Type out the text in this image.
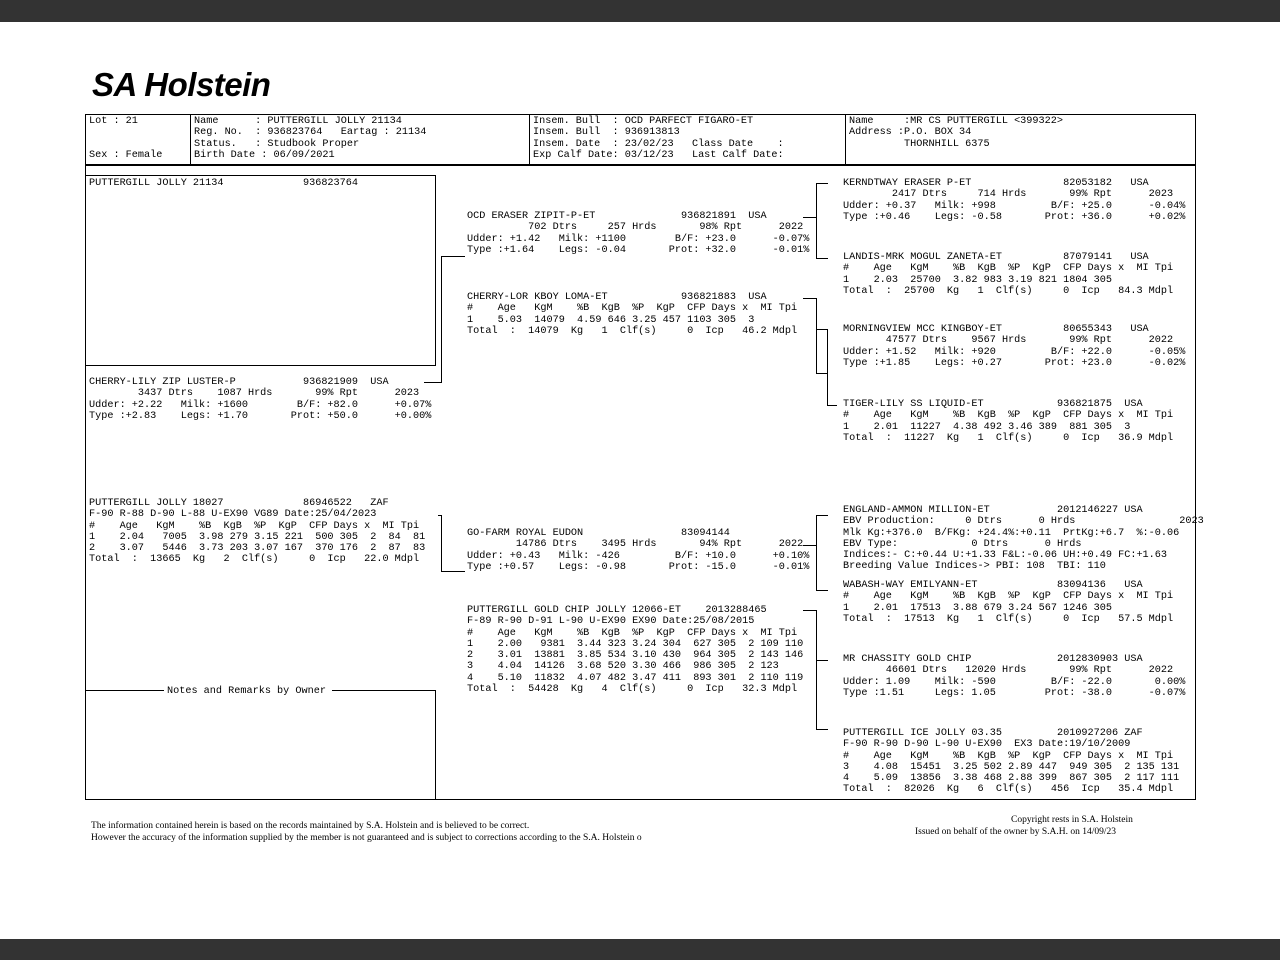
SA Holstein
Lot : 21
Sex : Female
Name      : PUTTERGILL JOLLY 21134
Reg. No.  : 936823764   Eartag : 21134
Status.   : Studbook Proper
Birth Date : 06/09/2021
Insem. Bull  : OCD PARFECT FIGARO-ET
Insem. Bull  : 936913813
Insem. Date  : 23/02/23   Class Date    :
Exp Calf Date: 03/12/23   Last Calf Date:
Name     :MR CS PUTTERGILL <399322>
Address :P.O. BOX 34
THORNHILL 6375
PUTTERGILL JOLLY 21134             936823764
CHERRY-LILY ZIP LUSTER-P           936821909  USA
3437 Dtrs    1087 Hrds       99% Rpt      2023
Udder: +2.22   Milk: +1600        B/F: +82.0      +0.07%
Type :+2.83    Legs: +1.70       Prot: +50.0      +0.00%
PUTTERGILL JOLLY 18027             86946522   ZAF
F-90 R-88 D-90 L-88 U-EX90 VG89 Date:25/04/2023
#    Age   KgM    %B  KgB  %P  KgP  CFP Days x  MI Tpi
1    2.04   7005  3.98 279 3.15 221  500 305  2  84  81
2    3.07   5446  3.73 203 3.07 167  370 176  2  87  83
Total  :  13665  Kg   2  Clf(s)     0  Icp   22.0 Mdpl
Notes and Remarks by Owner
OCD ERASER ZIPIT-P-ET              936821891  USA
702 Dtrs     257 Hrds       98% Rpt      2022
Udder: +1.42   Milk: +1100        B/F: +23.0      -0.07%
Type :+1.64    Legs: -0.04       Prot: +32.0      -0.01%
CHERRY-LOR KBOY LOMA-ET            936821883  USA
#    Age   KgM    %B  KgB  %P  KgP  CFP Days x  MI Tpi
1    5.03  14079  4.59 646 3.25 457 1103 305  3
Total  :  14079  Kg   1  Clf(s)     0  Icp   46.2 Mdpl
GO-FARM ROYAL EUDON                83094144
14786 Dtrs    3495 Hrds       94% Rpt      2022
Udder: +0.43   Milk: -426         B/F: +10.0      +0.10%
Type :+0.57    Legs: -0.98       Prot: -15.0      -0.01%
PUTTERGILL GOLD CHIP JOLLY 12066-ET    2013288465
F-89 R-90 D-91 L-90 U-EX90 EX90 Date:25/08/2015
#    Age   KgM    %B  KgB  %P  KgP  CFP Days x  MI Tpi
1    2.00   9381  3.44 323 3.24 304  627 305  2 109 110
2    3.01  13881  3.85 534 3.10 430  964 305  2 143 146
3    4.04  14126  3.68 520 3.30 466  986 305  2 123
4    5.10  11832  4.07 482 3.47 411  893 301  2 110 119
Total  :  54428  Kg   4  Clf(s)     0  Icp   32.3 Mdpl
KERNDTWAY ERASER P-ET               82053182   USA
2417 Dtrs     714 Hrds       99% Rpt      2023
Udder: +0.37   Milk: +998         B/F: +25.0      -0.04%
Type :+0.46    Legs: -0.58       Prot: +36.0      +0.02%
LANDIS-MRK MOGUL ZANETA-ET          87079141   USA
#    Age   KgM    %B  KgB  %P  KgP  CFP Days x  MI Tpi
1    2.03  25700  3.82 983 3.19 821 1804 305
Total  :  25700  Kg   1  Clf(s)     0  Icp   84.3 Mdpl
MORNINGVIEW MCC KINGBOY-ET          80655343   USA
47577 Dtrs    9567 Hrds       99% Rpt      2022
Udder: +1.52   Milk: +920         B/F: +22.0      -0.05%
Type :+1.85    Legs: +0.27       Prot: +23.0      -0.02%
TIGER-LILY SS LIQUID-ET            936821875  USA
#    Age   KgM    %B  KgB  %P  KgP  CFP Days x  MI Tpi
1    2.01  11227  4.38 492 3.46 389  881 305  3
Total  :  11227  Kg   1  Clf(s)     0  Icp   36.9 Mdpl
ENGLAND-AMMON MILLION-ET           2012146227 USA
EBV Production:     0 Dtrs      0 Hrds                 2023
Mlk Kg:+376.0  B/FKg: +24.4%:+0.11  PrtKg:+6.7  %:-0.06
EBV Type:            0 Dtrs      0 Hrds
Indices:- C:+0.44 U:+1.33 F&L:-0.06 UH:+0.49 FC:+1.63
Breeding Value Indices-> PBI: 108  TBI: 110
WABASH-WAY EMILYANN-ET             83094136   USA
#    Age   KgM    %B  KgB  %P  KgP  CFP Days x  MI Tpi
1    2.01  17513  3.88 679 3.24 567 1246 305
Total  :  17513  Kg   1  Clf(s)     0  Icp   57.5 Mdpl
MR CHASSITY GOLD CHIP              2012830903 USA
46601 Dtrs   12020 Hrds       99% Rpt      2022
Udder: 1.09    Milk: -590         B/F: -22.0       0.00%
Type :1.51     Legs: 1.05        Prot: -38.0      -0.07%
PUTTERGILL ICE JOLLY 03.35         2010927206 ZAF
F-90 R-90 D-90 L-90 U-EX90  EX3 Date:19/10/2009
#    Age   KgM    %B  KgB  %P  KgP  CFP Days x  MI Tpi
3    4.08  15451  3.25 502 2.89 447  949 305  2 135 131
4    5.09  13856  3.38 468 2.88 399  867 305  2 117 111
Total  :  82026  Kg   6  Clf(s)   456  Icp   35.4 Mdpl
The information contained herein is based on the records maintained by S.A. Holstein and is believed to be correct.
However the accuracy of the information supplied by the member is not guaranteed and is subject to corrections according to the S.A. Holstein o
Copyright rests in S.A. Holstein
Issued on behalf of the owner by S.A.H. on 14/09/23
